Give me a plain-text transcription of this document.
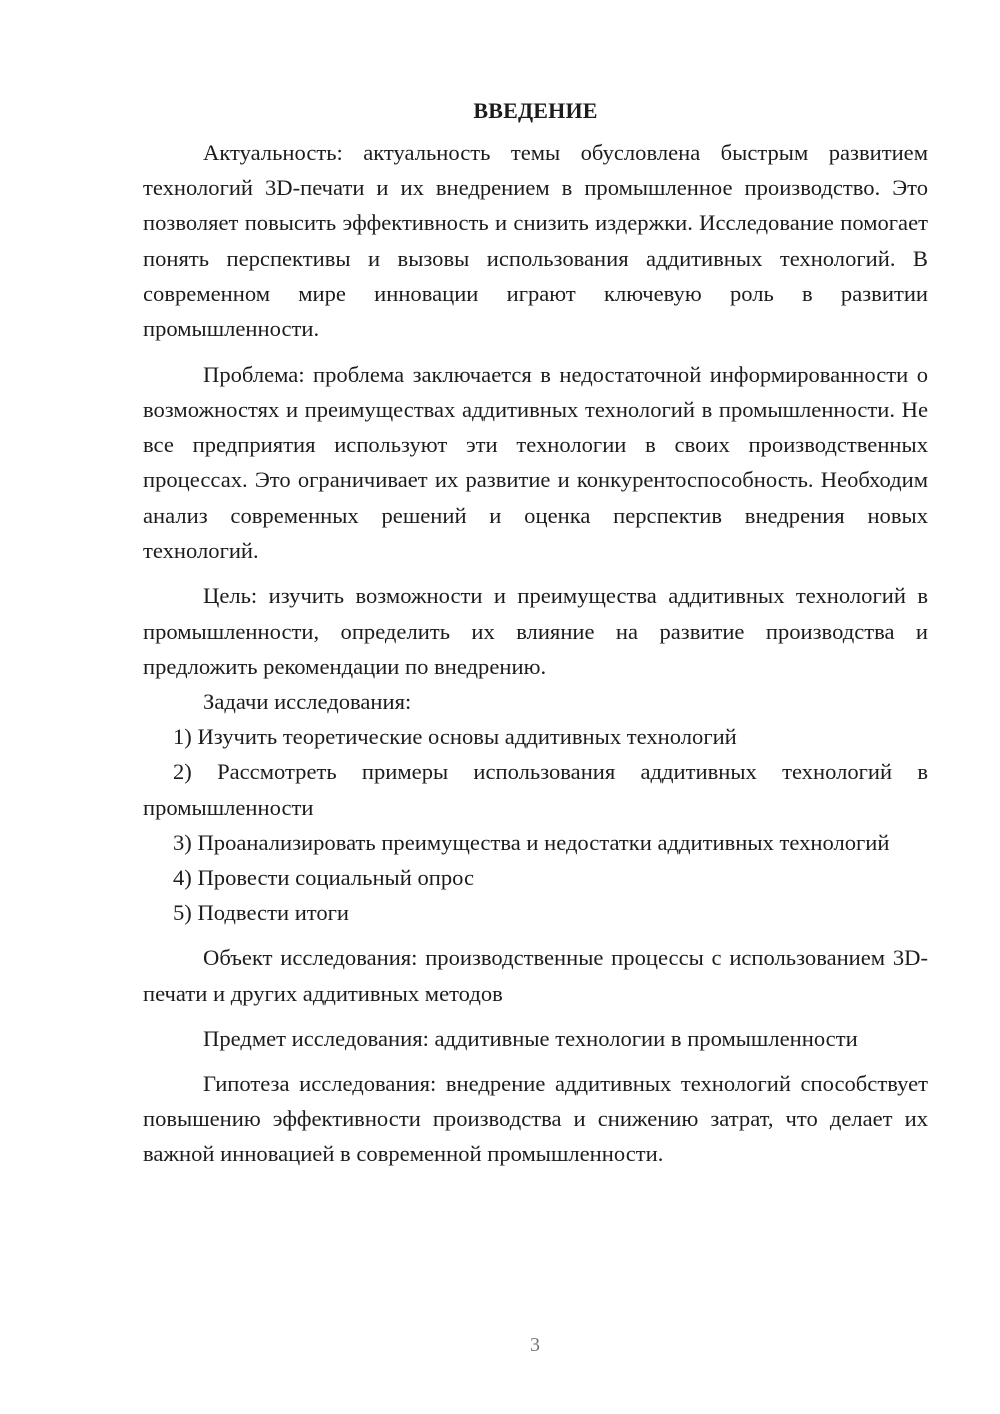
ВВЕДЕНИЕ

Актуальность: актуальность темы обусловлена быстрым развитием технологий 3D-печати и их внедрением в промышленное производство. Это позволяет повысить эффективность и снизить издержки. Исследование помогает понять перспективы и вызовы использования аддитивных технологий. В современном мире инновации играют ключевую роль в развитии промышленности.

Проблема: проблема заключается в недостаточной информированности о возможностях и преимуществах аддитивных технологий в промышленности. Не все предприятия используют эти технологии в своих производственных процессах. Это ограничивает их развитие и конкурентоспособность. Необходим анализ современных решений и оценка перспектив внедрения новых технологий.

Цель: изучить возможности и преимущества аддитивных технологий в промышленности, определить их влияние на развитие производства и предложить рекомендации по внедрению.

Задачи исследования:

1) Изучить теоретические основы аддитивных технологий

2) Рассмотреть примеры использования аддитивных технологий в промышленности

3) Проанализировать преимущества и недостатки аддитивных технологий

4) Провести социальный опрос

5) Подвести итоги

Объект исследования: производственные процессы с использованием 3D-печати и других аддитивных методов

Предмет исследования: аддитивные технологии в промышленности

Гипотеза исследования: внедрение аддитивных технологий способствует повышению эффективности производства и снижению затрат, что делает их важной инновацией в современной промышленности.

3
